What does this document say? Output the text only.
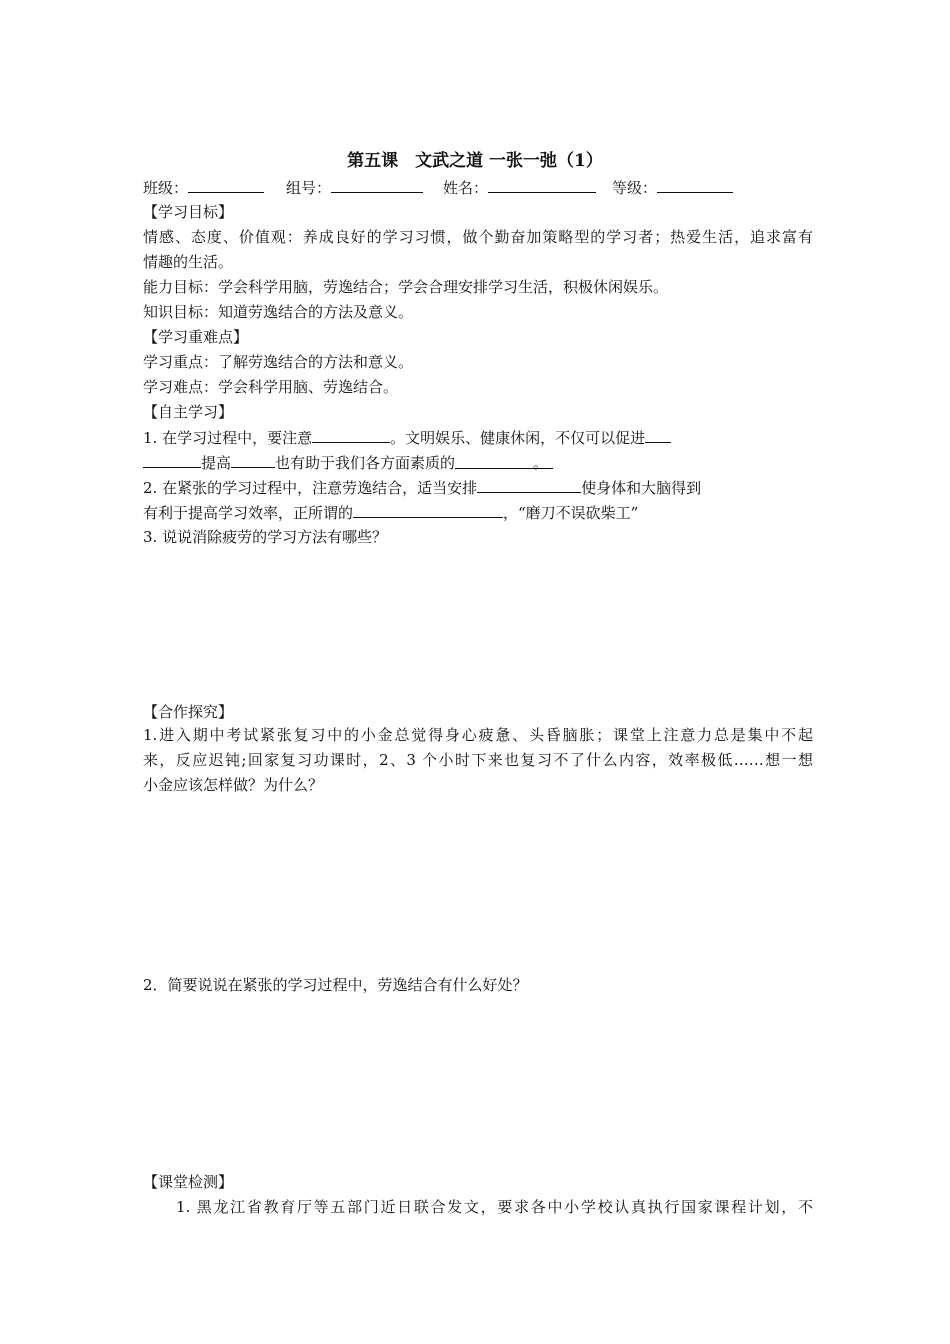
第五课　文武之道 一张一弛（1）
班级：	组号：	姓名：	等级：
【学习目标】
情感、态度、价值观：养成良好的学习习惯，做个勤奋加策略型的学习者；热爱生活，追求富有
情趣的生活。
能力目标：学会科学用脑，劳逸结合；学会合理安排学习生活，积极休闲娱乐。
知识目标：知道劳逸结合的方法及意义。
【学习重难点】
学习重点：了解劳逸结合的方法和意义。
学习难点：学会科学用脑、劳逸结合。
【自主学习】
1. 在学习过程中，要注意	。文明娱乐、健康休闲，不仅可以促进
提高	也有助于我们各方面素质的	。
2. 在紧张的学习过程中，注意劳逸结合，适当安排	使身体和大脑得到
有利于提高学习效率，正所谓的	，“磨刀不误砍柴工”
3. 说说消除疲劳的学习方法有哪些？
【合作探究】
1.进入期中考试紧张复习中的小金总觉得身心疲惫、头昏脑胀；课堂上注意力总是集中不起
来，反应迟钝;回家复习功课时，2、3 个小时下来也复习不了什么内容，效率极低……想一想
小金应该怎样做？为什么？
2．简要说说在紧张的学习过程中，劳逸结合有什么好处？
【课堂检测】
1. 黑龙江省教育厅等五部门近日联合发文，要求各中小学校认真执行国家课程计划，不
